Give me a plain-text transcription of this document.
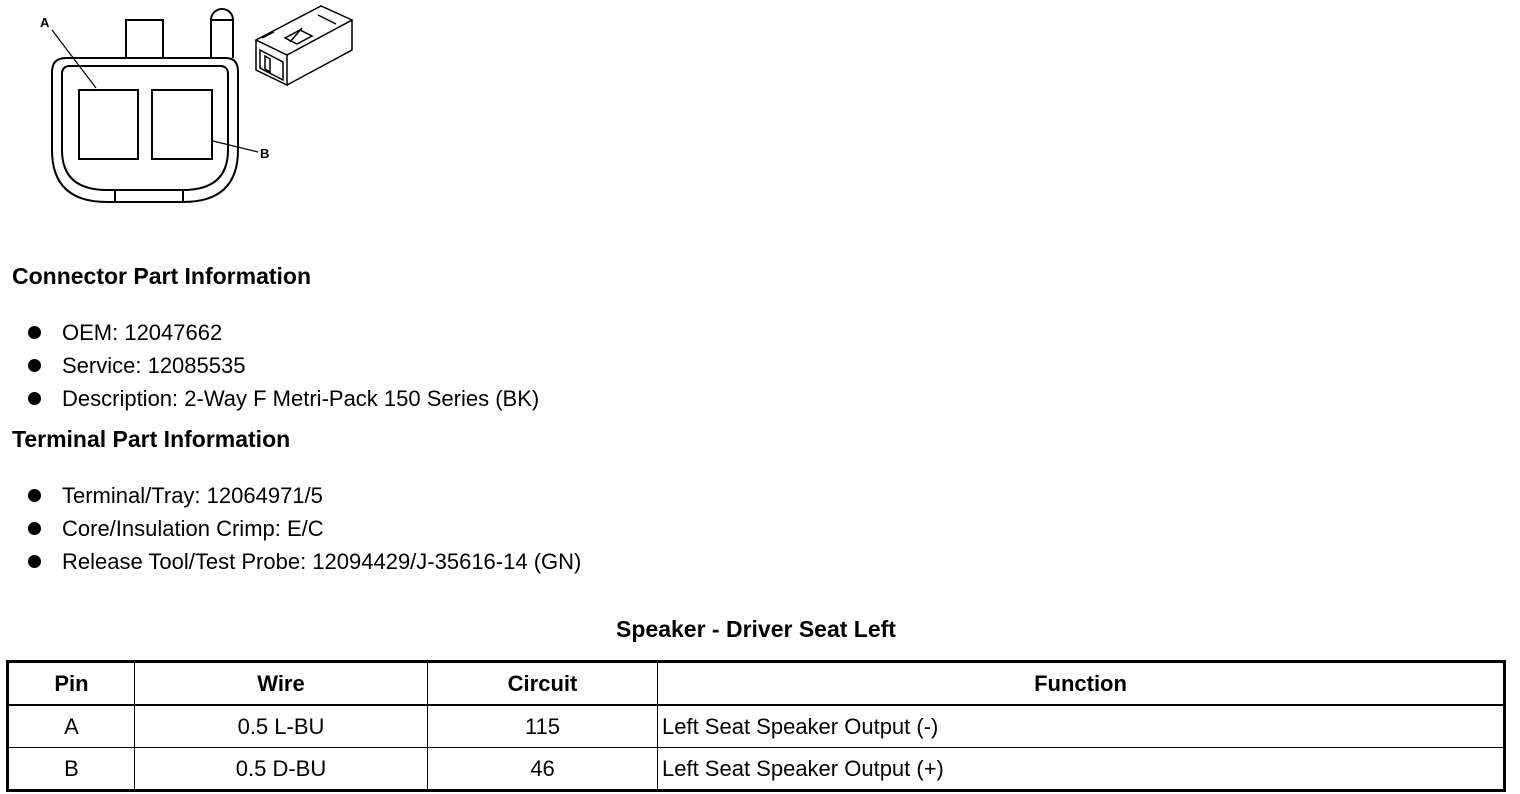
A
B
Connector Part Information
OEM: 12047662
Service: 12085535
Description: 2-Way F Metri-Pack 150 Series (BK)
Terminal Part Information
Terminal/Tray: 12064971/5
Core/Insulation Crimp: E/C
Release Tool/Test Probe: 12094429/J-35616-14 (GN)
Speaker - Driver Seat Left
Pin	Wire	Circuit	Function
A	0.5 L-BU	115	Left Seat Speaker Output (-)
B	0.5 D-BU	46	Left Seat Speaker Output (+)
